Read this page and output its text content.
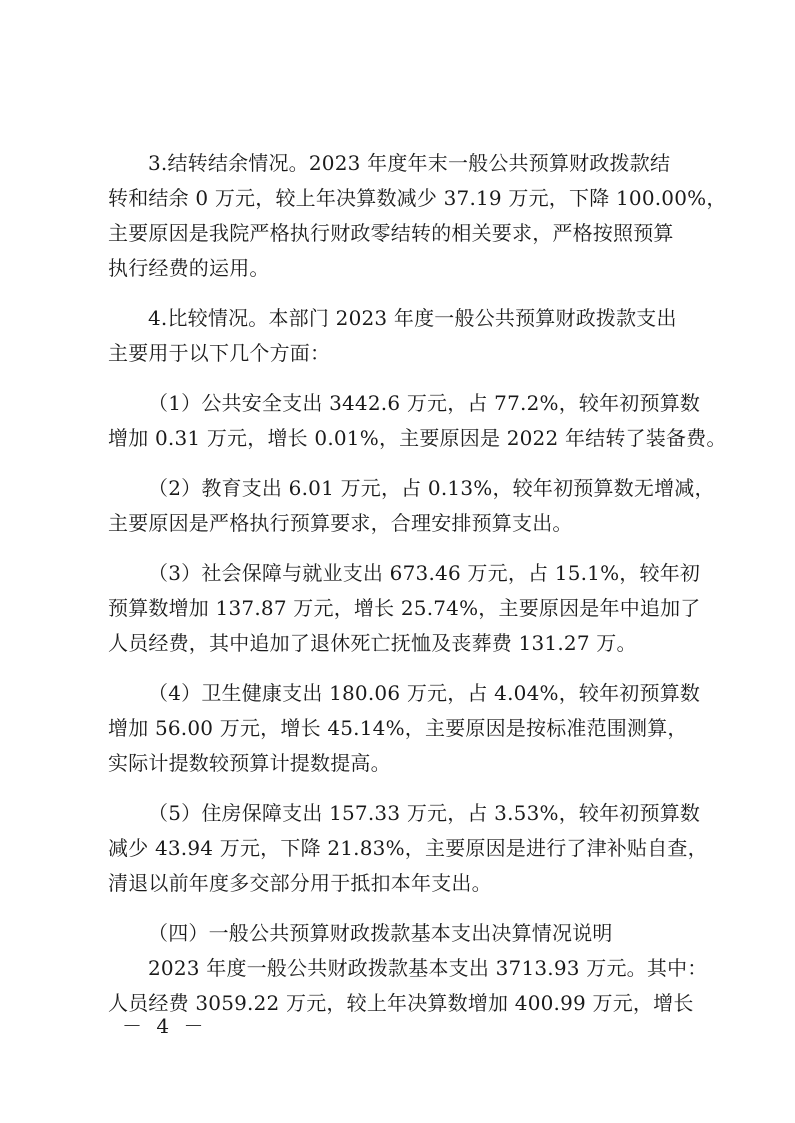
3.结转结余情况。2023 年度年末一般公共预算财政拨款结
转和结余 0 万元，较上年决算数减少 37.19 万元，下降 100.00%，
主要原因是我院严格执行财政零结转的相关要求，严格按照预算
执行经费的运用。
4.比较情况。本部门 2023 年度一般公共预算财政拨款支出
主要用于以下几个方面：
（1）公共安全支出 3442.6 万元，占 77.2%，较年初预算数
增加 0.31 万元，增长 0.01%，主要原因是 2022 年结转了装备费。
（2）教育支出 6.01 万元，占 0.13%，较年初预算数无增减，
主要原因是严格执行预算要求，合理安排预算支出。
（3）社会保障与就业支出 673.46 万元，占 15.1%，较年初
预算数增加 137.87 万元，增长 25.74%，主要原因是年中追加了
人员经费，其中追加了退休死亡抚恤及丧葬费 131.27 万。
（4）卫生健康支出 180.06 万元，占 4.04%，较年初预算数
增加 56.00 万元，增长 45.14%，主要原因是按标准范围测算，
实际计提数较预算计提数提高。
（5）住房保障支出 157.33 万元，占 3.53%，较年初预算数
减少 43.94 万元，下降 21.83%，主要原因是进行了津补贴自查，
清退以前年度多交部分用于抵扣本年支出。
（四）一般公共预算财政拨款基本支出决算情况说明
2023 年度一般公共财政拨款基本支出 3713.93 万元。其中：
人员经费 3059.22 万元，较上年决算数增加 400.99 万元，增长
－ 4 －
